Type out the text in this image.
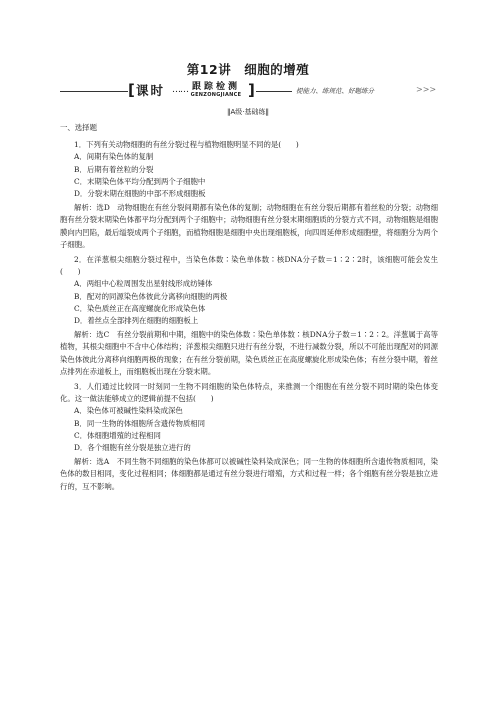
第12讲　细胞的增殖
[ 课时 …… 跟踪检测
GENZONGJIANCE ]	提能力、练规范、好题练分	>>>
‖A级·基础练‖

一、选择题

1．下列有关动物细胞的有丝分裂过程与植物细胞明显不同的是(　　)

A．间期有染色体的复制

B．后期有着丝粒的分裂

C．末期染色体平均分配到两个子细胞中

D．分裂末期在细胞的中部不形成细胞板

解析：选D　动物细胞在有丝分裂间期都有染色体的复制；动物细胞在有丝分裂后期都有着丝粒的分裂；动物细胞有丝分裂末期染色体都平均分配到两个子细胞中；动物细胞有丝分裂末期细胞质的分裂方式不同，动物细胞是细胞膜向内凹陷，最后缢裂成两个子细胞，而植物细胞是细胞中央出现细胞板，向四周延伸形成细胞壁，将细胞分为两个子细胞。

2．在洋葱根尖细胞分裂过程中，当染色体数∶染色单体数∶核DNA分子数＝1∶2∶2时，该细胞可能会发生(　　)

A．两组中心粒周围发出星射线形成纺锤体

B．配对的同源染色体彼此分离移向细胞的两极

C．染色质丝正在高度螺旋化形成染色体

D．着丝点全部排列在细胞的细胞板上

解析：选C　有丝分裂前期和中期，细胞中的染色体数∶染色单体数∶核DNA分子数＝1∶2∶2。洋葱属于高等植物，其根尖细胞中不含中心体结构；洋葱根尖细胞只进行有丝分裂，不进行减数分裂，所以不可能出现配对的同源染色体彼此分离移向细胞两极的现象；在有丝分裂前期，染色质丝正在高度螺旋化形成染色体；有丝分裂中期，着丝点排列在赤道板上，而细胞板出现在分裂末期。

3．人们通过比较同一时刻同一生物不同细胞的染色体特点，来推测一个细胞在有丝分裂不同时期的染色体变化。这一做法能够成立的逻辑前提不包括(　　)

A．染色体可被碱性染料染成深色

B．同一生物的体细胞所含遗传物质相同

C．体细胞增殖的过程相同

D．各个细胞有丝分裂是独立进行的

解析：选A　不同生物不同细胞的染色体都可以被碱性染料染成深色；同一生物的体细胞所含遗传物质相同，染色体的数目相同，变化过程相同；体细胞都是通过有丝分裂进行增殖，方式和过程一样；各个细胞有丝分裂是独立进行的，互不影响。
